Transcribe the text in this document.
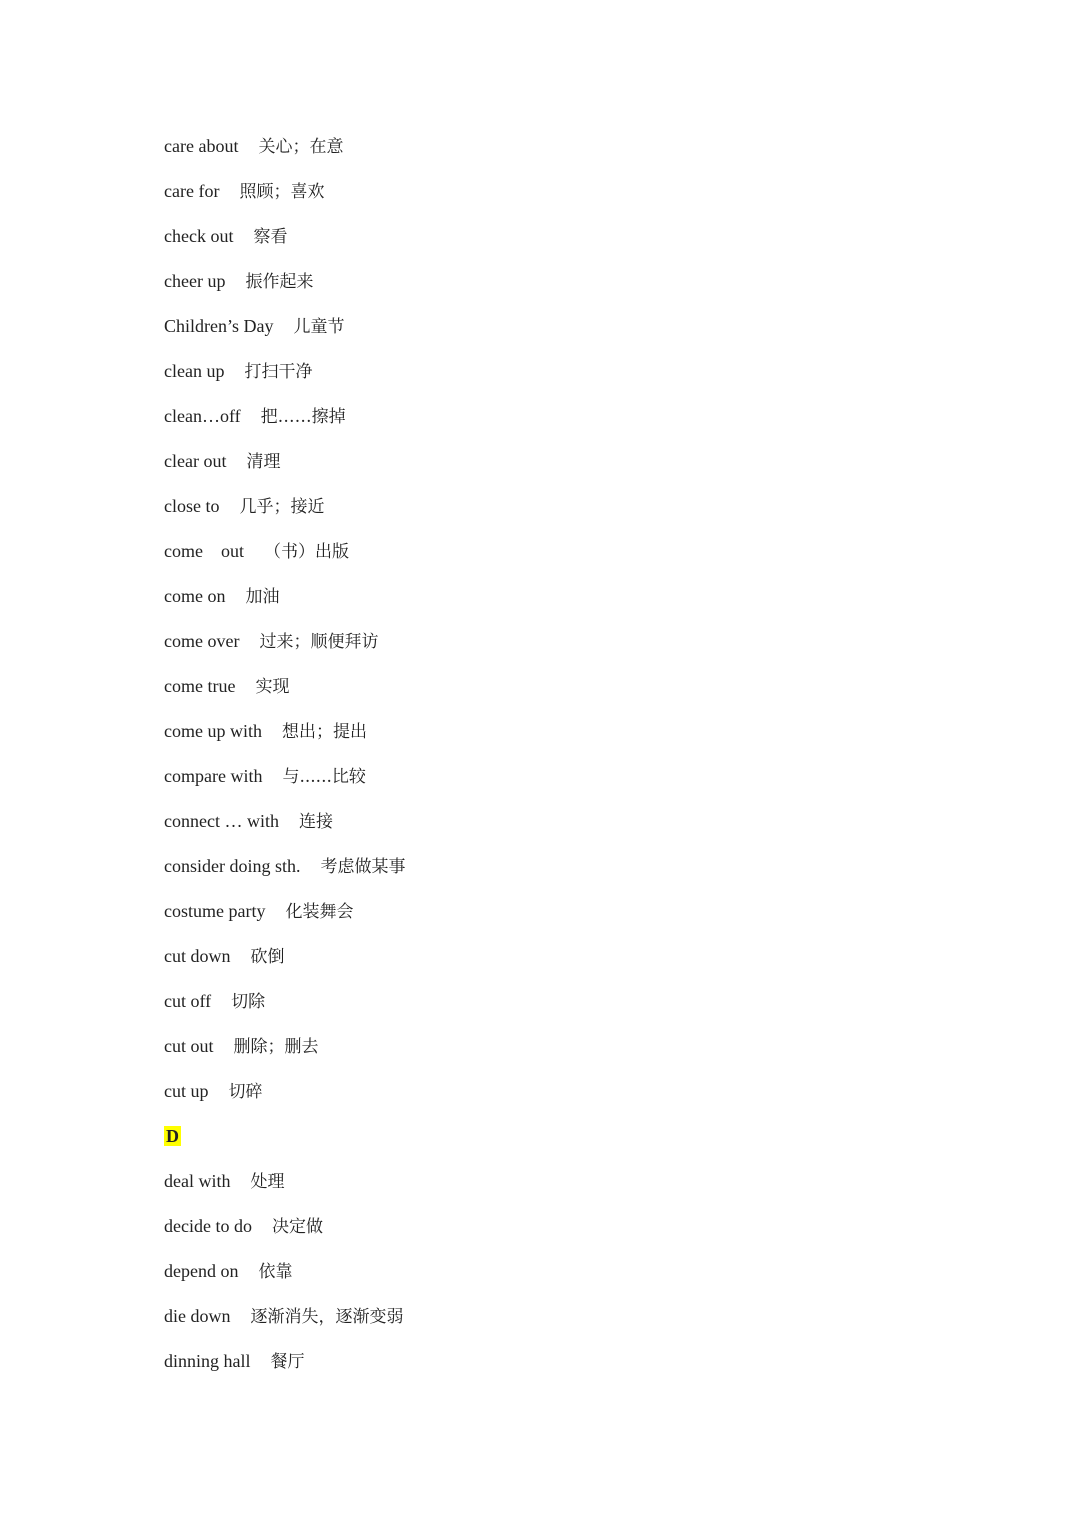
care about 关心；在意
care for 照顾；喜欢
check out 察看
cheer up 振作起来
Children’s Day 儿童节
clean up 打扫干净
clean…off 把……擦掉
clear out 清理
close to 几乎；接近
come　out （书）出版
come on 加油
come over 过来；顺便拜访
come true 实现
come up with 想出；提出
compare with 与......比较
connect … with 连接
consider doing sth. 考虑做某事
costume party 化装舞会
cut down 砍倒
cut off 切除
cut out 删除；删去
cut up 切碎
D
deal with 处理
decide to do 决定做
depend on 依靠
die down 逐渐消失，逐渐变弱
dinning hall 餐厅
